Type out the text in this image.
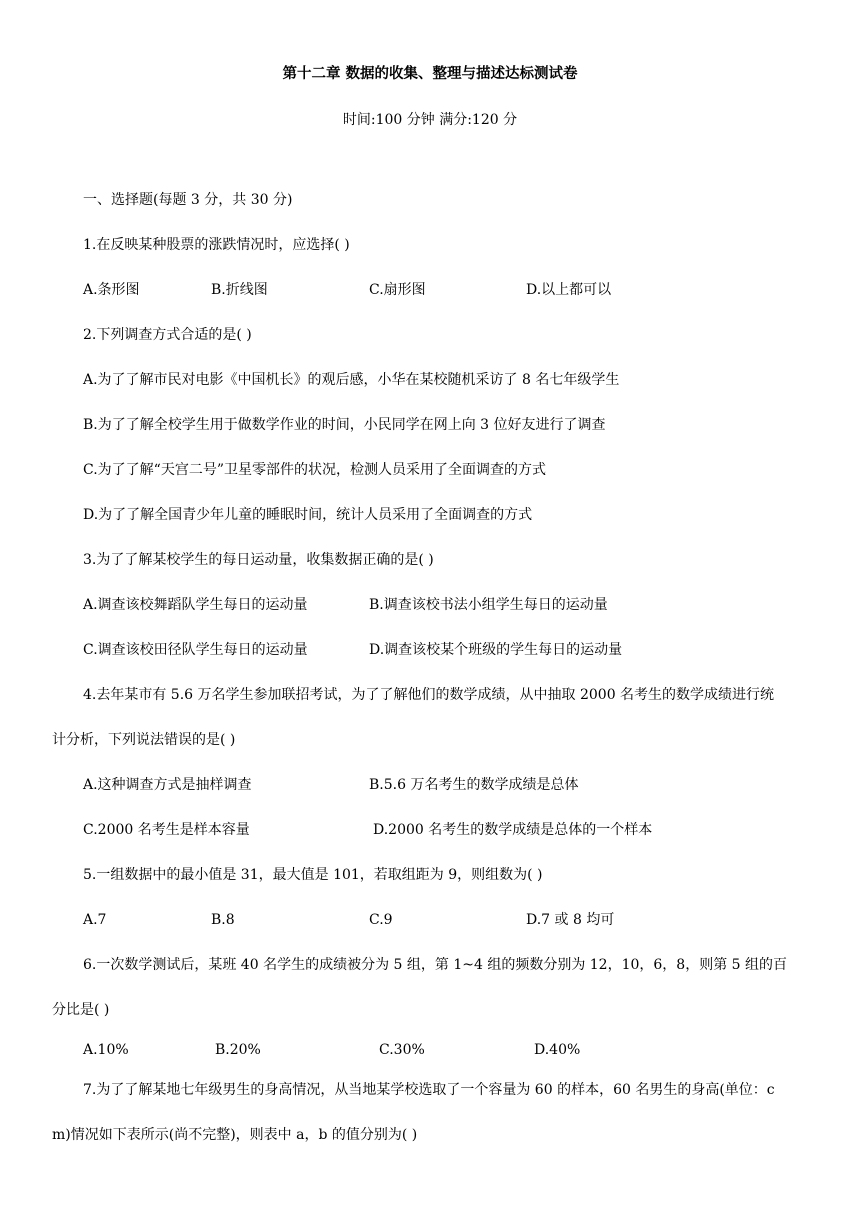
第十二章 数据的收集、整理与描述达标测试卷
时间:100 分钟 满分:120 分
一、选择题(每题 3 分，共 30 分)
1.在反映某种股票的涨跌情况时，应选择( )
A.条形图	B.折线图	C.扇形图	D.以上都可以
2.下列调查方式合适的是( )
A.为了了解市民对电影《中国机长》的观后感，小华在某校随机采访了 8 名七年级学生
B.为了了解全校学生用于做数学作业的时间，小民同学在网上向 3 位好友进行了调查
C.为了了解“天宫二号”卫星零部件的状况，检测人员采用了全面调查的方式
D.为了了解全国青少年儿童的睡眠时间，统计人员采用了全面调查的方式
3.为了了解某校学生的每日运动量，收集数据正确的是( )
A.调查该校舞蹈队学生每日的运动量	B.调查该校书法小组学生每日的运动量
C.调查该校田径队学生每日的运动量	D.调查该校某个班级的学生每日的运动量
4.去年某市有 5.6 万名学生参加联招考试，为了了解他们的数学成绩，从中抽取 2000 名考生的数学成绩进行统
计分析，下列说法错误的是( )
A.这种调查方式是抽样调查	B.5.6 万名考生的数学成绩是总体
C.2000 名考生是样本容量	D.2000 名考生的数学成绩是总体的一个样本
5.一组数据中的最小值是 31，最大值是 101，若取组距为 9，则组数为( )
A.7	B.8	C.9	D.7 或 8 均可
6.一次数学测试后，某班 40 名学生的成绩被分为 5 组，第 1~4 组的频数分别为 12，10，6，8，则第 5 组的百
分比是( )
A.10%	B.20%	C.30%	D.40%
7.为了了解某地七年级男生的身高情况，从当地某学校选取了一个容量为 60 的样本，60 名男生的身高(单位：c
m)情况如下表所示(尚不完整)，则表中 a，b 的值分别为( )
